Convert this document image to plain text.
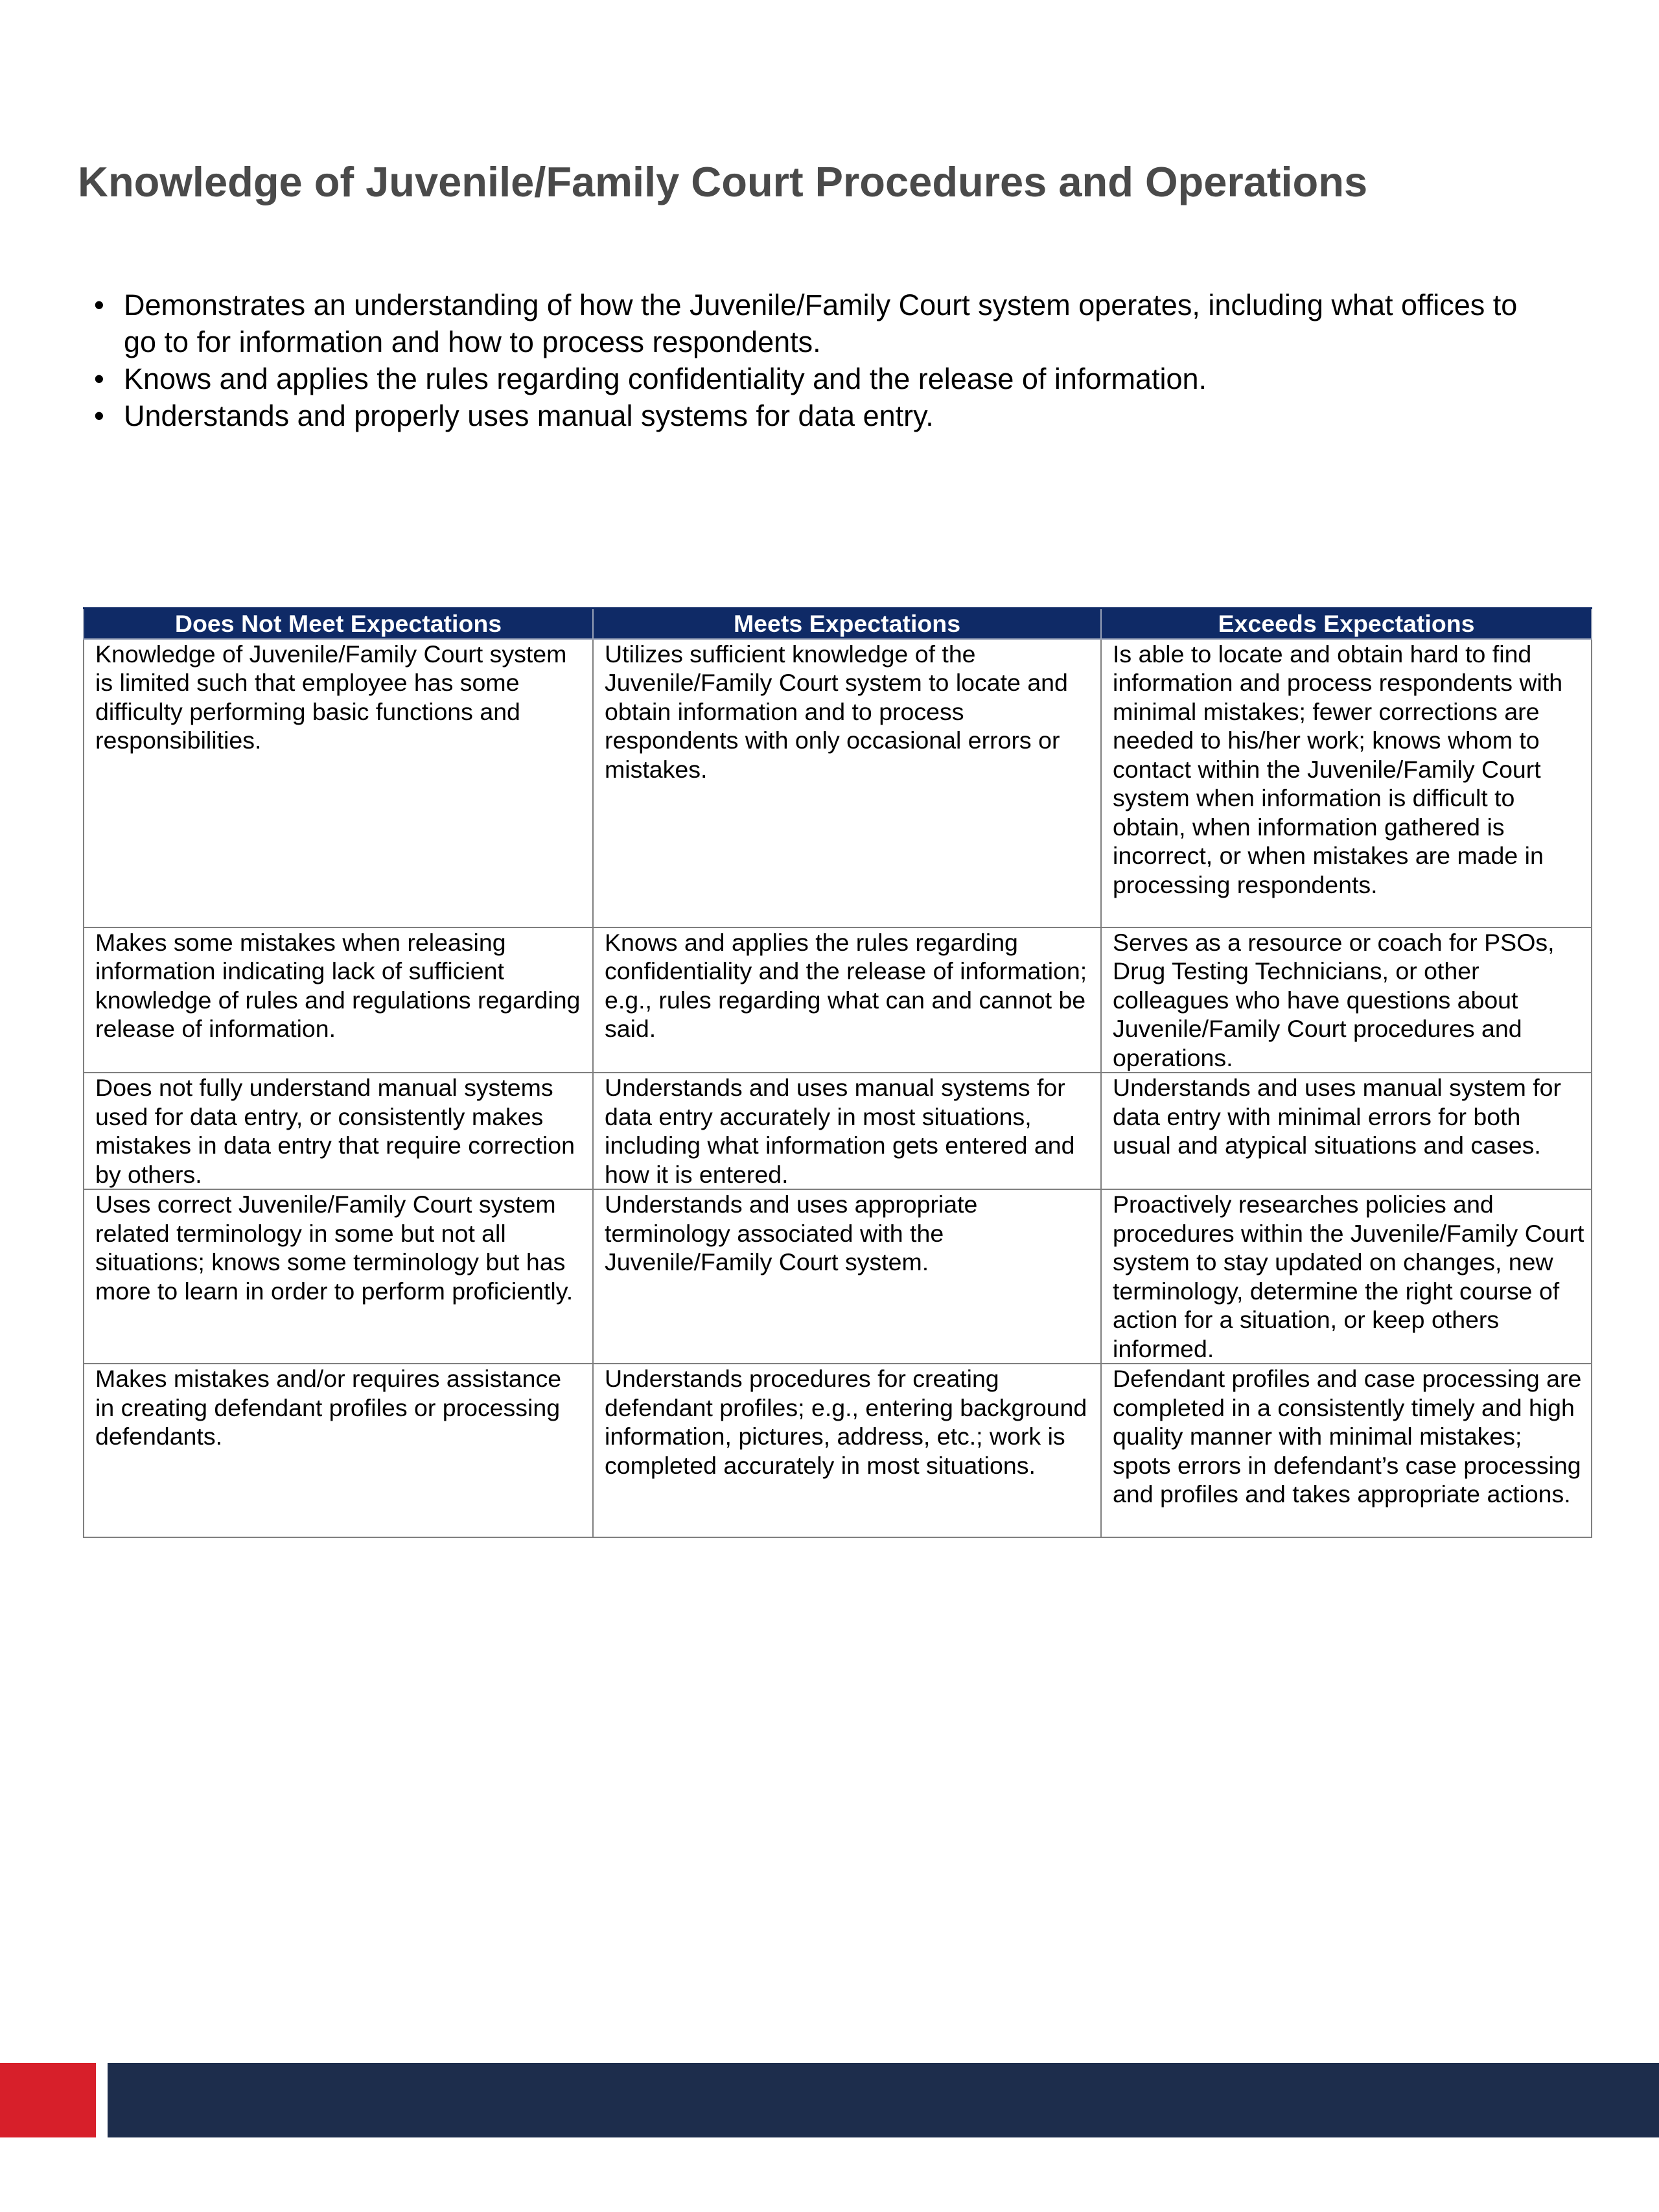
Knowledge of Juvenile/Family Court Procedures and Operations
• Demonstrates an understanding of how the Juvenile/Family Court system operates, including what offices to go to for information and how to process respondents.
• Knows and applies the rules regarding confidentiality and the release of information.
• Understands and properly uses manual systems for data entry.
Does Not Meet Expectations	Meets Expectations	Exceeds Expectations
Knowledge of Juvenile/Family Court system is limited such that employee has some difficulty performing basic functions and responsibilities.	Utilizes sufficient knowledge of the Juvenile/Family Court system to locate and obtain information and to process respondents with only occasional errors or mistakes.	Is able to locate and obtain hard to find information and process respondents with minimal mistakes; fewer corrections are needed to his/her work; knows whom to contact within the Juvenile/Family Court system when information is difficult to obtain, when information gathered is incorrect, or when mistakes are made in processing respondents.
Makes some mistakes when releasing information indicating lack of sufficient knowledge of rules and regulations regarding release of information.	Knows and applies the rules regarding confidentiality and the release of information; e.g., rules regarding what can and cannot be said.	Serves as a resource or coach for PSOs, Drug Testing Technicians, or other colleagues who have questions about Juvenile/Family Court procedures and operations.
Does not fully understand manual systems used for data entry, or consistently makes mistakes in data entry that require correction by others.	Understands and uses manual systems for data entry accurately in most situations, including what information gets entered and how it is entered.	Understands and uses manual system for data entry with minimal errors for both usual and atypical situations and cases.
Uses correct Juvenile/Family Court system related terminology in some but not all situations; knows some terminology but has more to learn in order to perform proficiently.	Understands and uses appropriate terminology associated with the Juvenile/Family Court system.	Proactively researches policies and procedures within the Juvenile/Family Court system to stay updated on changes, new terminology, determine the right course of action for a situation, or keep others informed.
Makes mistakes and/or requires assistance in creating defendant profiles or processing defendants.	Understands procedures for creating defendant profiles; e.g., entering background information, pictures, address, etc.; work is completed accurately in most situations.	Defendant profiles and case processing are completed in a consistently timely and high quality manner with minimal mistakes; spots errors in defendant’s case processing and profiles and takes appropriate actions.
